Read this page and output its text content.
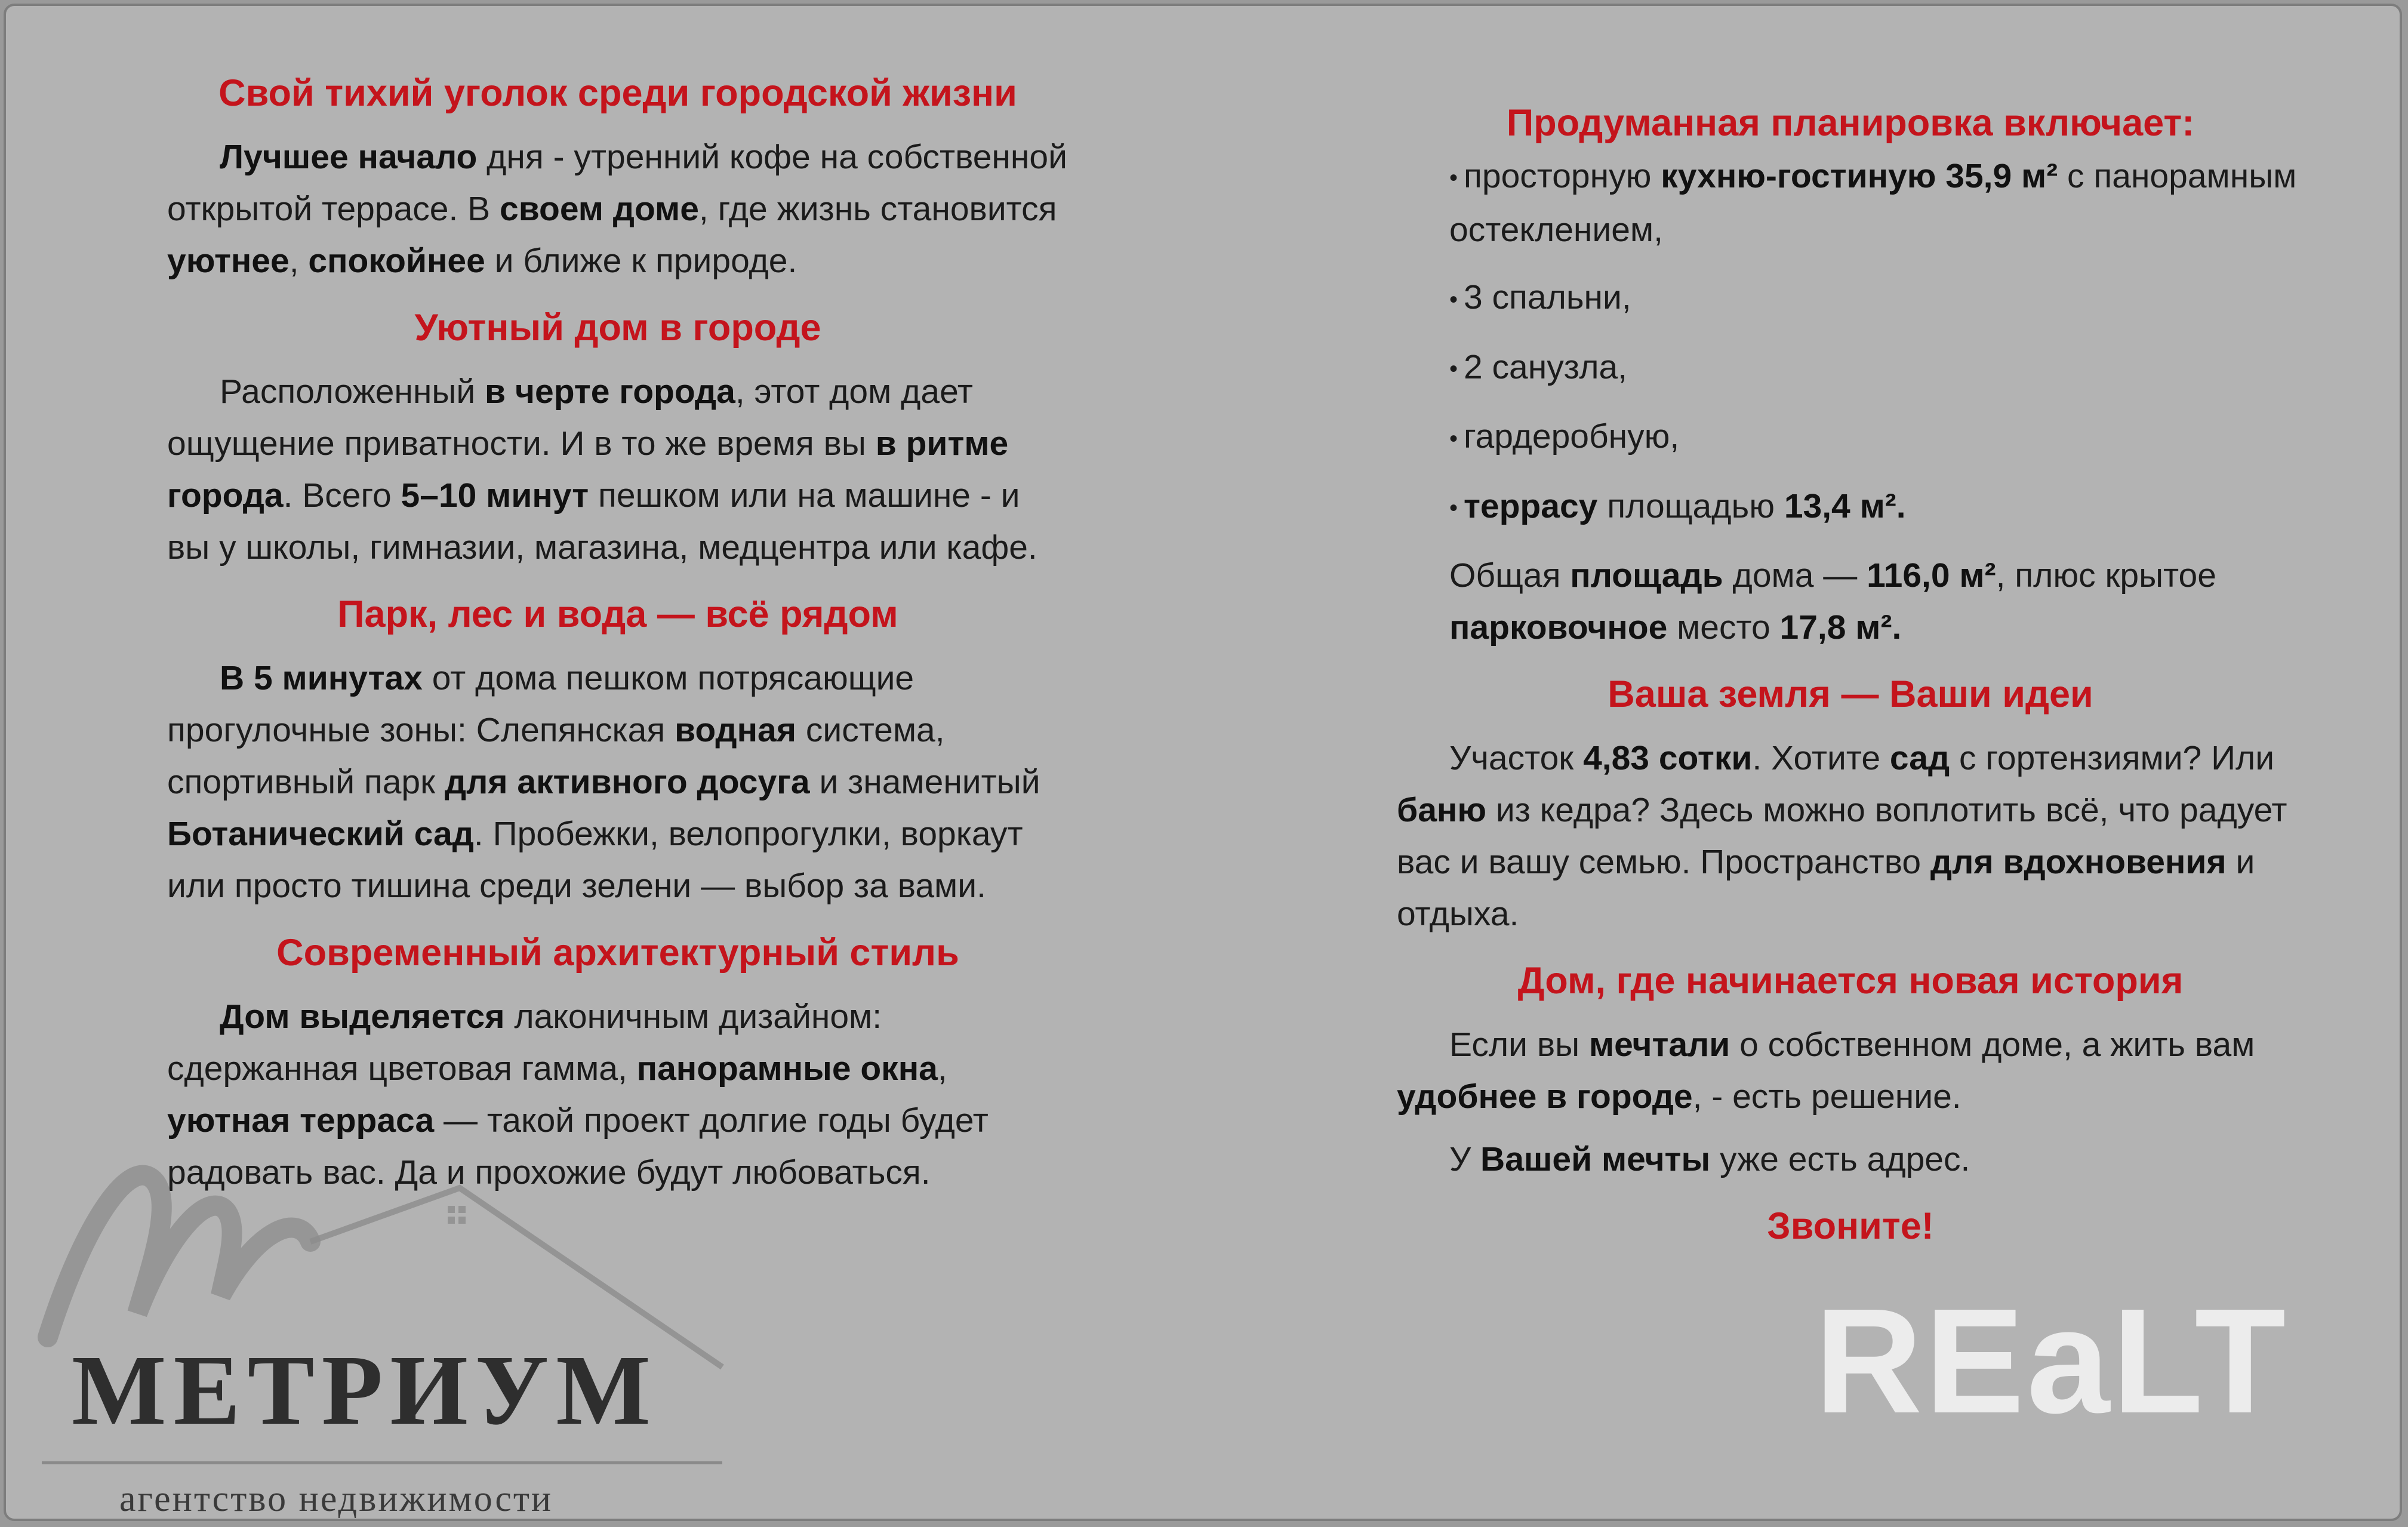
Свой тихий уголок среди городской жизни

Лучшее начало дня - утренний кофе на собственной открытой террасе. В своем доме, где жизнь становится уютнее, спокойнее и ближе к природе.

Уютный дом в городе

Расположенный в черте города, этот дом дает ощущение приватности. И в то же время вы в ритме города. Всего 5–10 минут пешком или на машине - и вы у школы, гимназии, магазина, медцентра или кафе.

Парк, лес и вода — всё рядом

В 5 минутах от дома пешком потрясающие прогулочные зоны: Слепянская водная система, спортивный парк для активного досуга и знаменитый Ботанический сад. Пробежки, велопрогулки, воркаут или просто тишина среди зелени — выбор за вами.

Современный архитектурный стиль

Дом выделяется лаконичным дизайном: сдержанная цветовая гамма, панорамные окна, уютная терраса — такой проект долгие годы будет радовать вас. Да и прохожие будут любоваться.

Продуманная планировка включает:
• просторную кухню-гостиную 35,9 м² с панорамным остеклением,
• 3 спальни,
• 2 санузла,
• гардеробную,
• террасу площадью 13,4 м².

Общая площадь дома — 116,0 м², плюс крытое парковочное место 17,8 м².

Ваша земля — Ваши идеи

Участок 4,83 сотки. Хотите сад с гортензиями? Или баню из кедра? Здесь можно воплотить всё, что радует вас и вашу семью. Пространство для вдохновения и отдыха.

Дом, где начинается новая история

Если вы мечтали о собственном доме, а жить вам удобнее в городе, - есть решение.

У Вашей мечты уже есть адрес.

Звоните!
МЕТРИУМ
агентство недвижимости
REaLT
